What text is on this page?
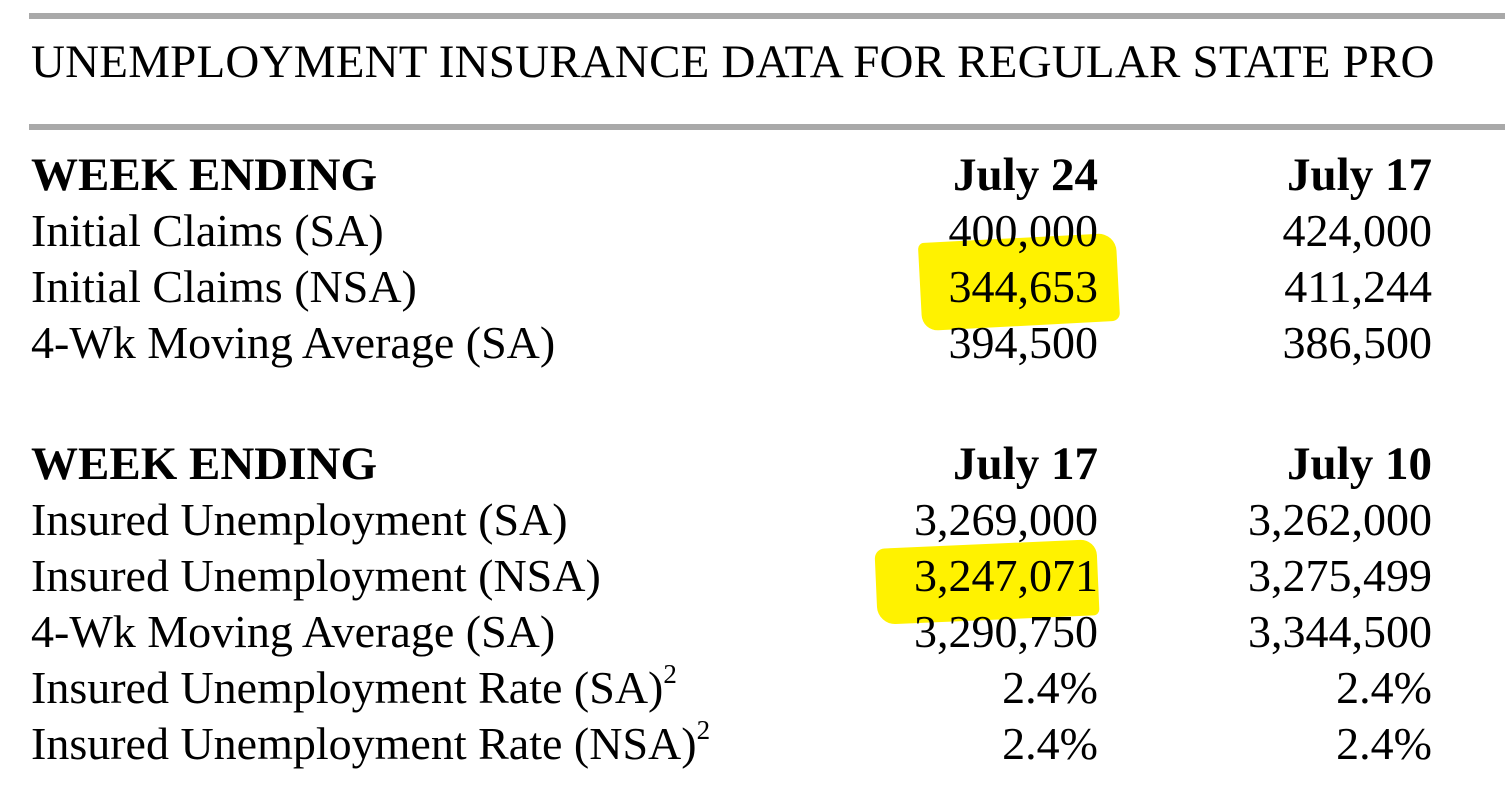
UNEMPLOYMENT INSURANCE DATA FOR REGULAR STATE PRO
WEEK ENDING	July 24	July 17
Initial Claims (SA)	400,000	424,000
Initial Claims (NSA)	344,653	411,244
4-Wk Moving Average (SA)	394,500	386,500
WEEK ENDING	July 17	July 10
Insured Unemployment (SA)	3,269,000	3,262,000
Insured Unemployment (NSA)	3,247,071	3,275,499
4-Wk Moving Average (SA)	3,290,750	3,344,500
Insured Unemployment Rate (SA)$^2$	2.4%	2.4%
Insured Unemployment Rate (NSA)$^2$	2.4%	2.4%
